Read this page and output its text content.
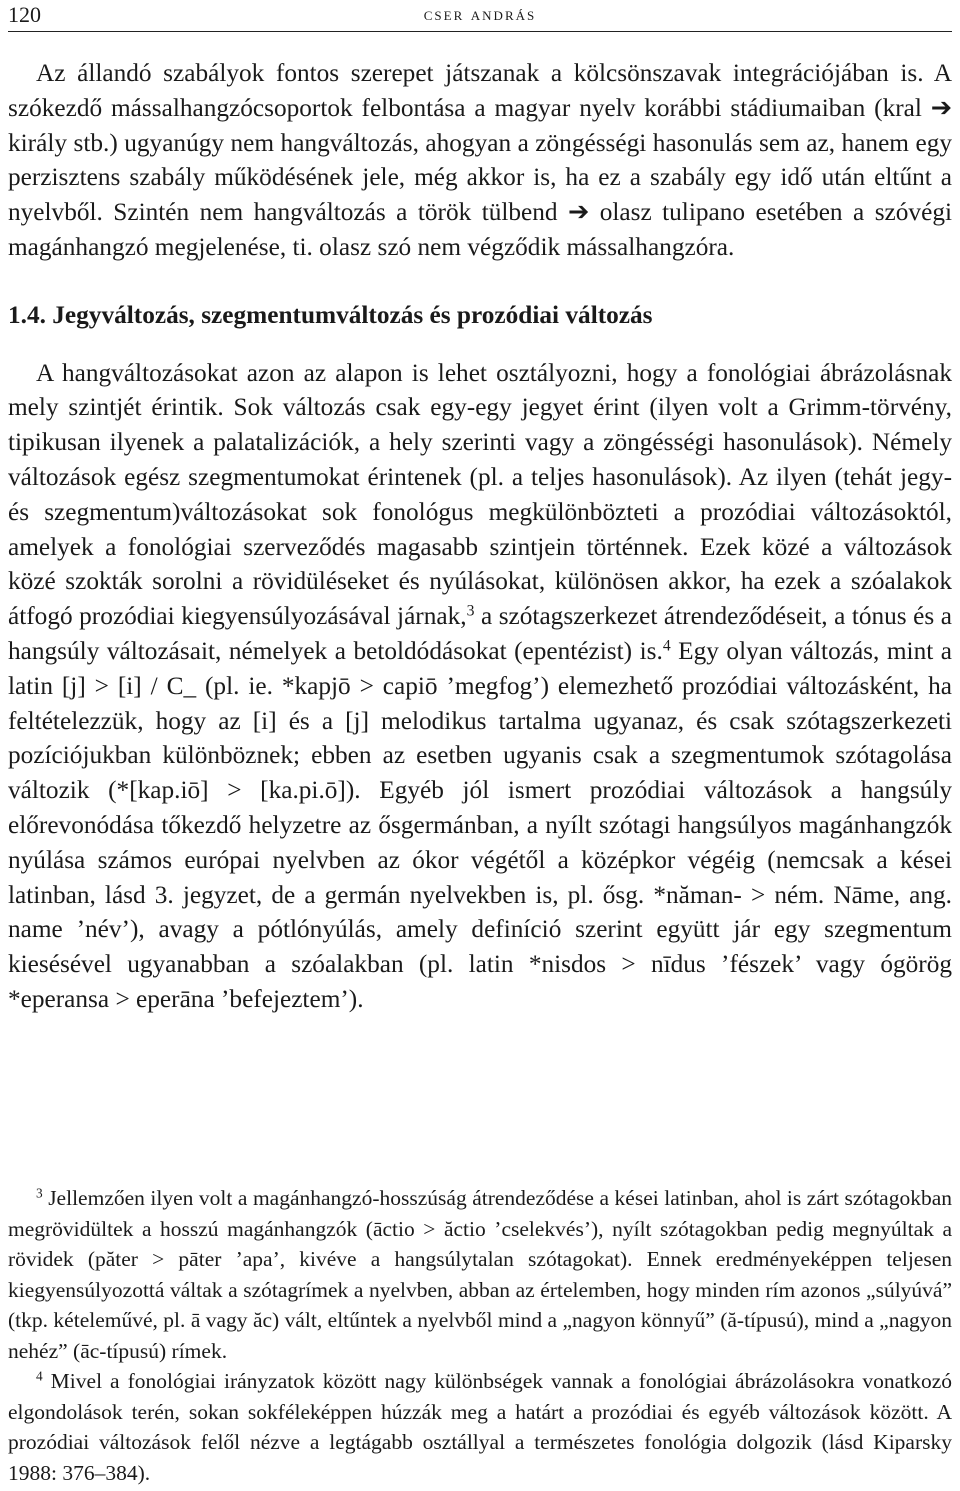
120	cser andrás

Az állandó szabályok fontos szerepet játszanak a kölcsönszavak integrációjában is. A szókezdő mássalhangzócsoportok felbontása a magyar nyelv korábbi stádiumaiban (kral ➔ király stb.) ugyanúgy nem hangváltozás, ahogyan a zöngésségi hasonulás sem az, hanem egy perzisztens szabály működésének jele, még akkor is, ha ez a szabály egy idő után eltűnt a nyelvből. Szintén nem hangváltozás a török tülbend ➔ olasz tulipano esetében a szóvégi magánhangzó megjelenése, ti. olasz szó nem végződik mássalhangzóra.

1.4. Jegyváltozás, szegmentumváltozás és prozódiai változás

A hangváltozásokat azon az alapon is lehet osztályozni, hogy a fonológiai ábrázolásnak mely szintjét érintik. Sok változás csak egy-egy jegyet érint (ilyen volt a Grimm-törvény, tipikusan ilyenek a palatalizációk, a hely szerinti vagy a zöngésségi hasonulások). Némely változások egész szegmentumokat érintenek (pl. a teljes hasonulások). Az ilyen (tehát jegy- és szegmentum)változásokat sok fonológus megkülönbözteti a prozódiai változásoktól, amelyek a fonológiai szerveződés magasabb szintjein történnek. Ezek közé a változások közé szokták sorolni a rövidüléseket és nyúlásokat, különösen akkor, ha ezek a szóalakok átfogó prozódiai kiegyensúlyozásával járnak,$^3$ a szótagszerkezet átrendeződéseit, a tónus és a hangsúly változásait, némelyek a betoldódásokat (epentézist) is.$^4$ Egy olyan változás, mint a latin [j] > [i] / C_ (pl. ie. *kapjō > capiō ’megfog’) elemezhető prozódiai változásként, ha feltételezzük, hogy az [i] és a [j] melodikus tartalma ugyanaz, és csak szótagszerkezeti pozíciójukban különböznek; ebben az esetben ugyanis csak a szegmentumok szótagolása változik (*[kap.iō] > [ka.pi.ō]). Egyéb jól ismert prozódiai változások a hangsúly előrevonódása tőkezdő helyzetre az ősgermánban, a nyílt szótagi hangsúlyos magánhangzók nyúlása számos európai nyelvben az ókor végétől a középkor végéig (nemcsak a kései latinban, lásd 3. jegyzet, de a germán nyelvekben is, pl. ősg. *năman- > ném. Nāme, ang. name ’név’), avagy a pótlónyúlás, amely definíció szerint együtt jár egy szegmentum kiesésével ugyanabban a szóalakban (pl. latin *nisdos > nīdus ’fészek’ vagy ógörög *eperansa > eperāna ’befejeztem’).

$^3$ Jellemzően ilyen volt a magánhangzó-hosszúság átrendeződése a kései latinban, ahol is zárt szótagokban megrövidültek a hosszú magánhangzók (āctio > ăctio ’cselekvés’), nyílt szótagokban pedig megnyúltak a rövidek (păter > pāter ’apa’, kivéve a hangsúlytalan szótagokat). Ennek eredményeképpen teljesen kiegyensúlyozottá váltak a szótagrímek a nyelvben, abban az értelemben, hogy minden rím azonos „súlyúvá” (tkp. kételeművé, pl. ā vagy ăc) vált, eltűntek a nyelvből mind a „nagyon könnyű” (ă-típusú), mind a „nagyon nehéz” (āc-típusú) rímek.

$^4$ Mivel a fonológiai irányzatok között nagy különbségek vannak a fonológiai ábrázolásokra vonatkozó elgondolások terén, sokan sokféleképpen húzzák meg a határt a prozódiai és egyéb változások között. A prozódiai változások felől nézve a legtágabb osztállyal a természetes fonológia dolgozik (lásd Kiparsky 1988: 376–384).
